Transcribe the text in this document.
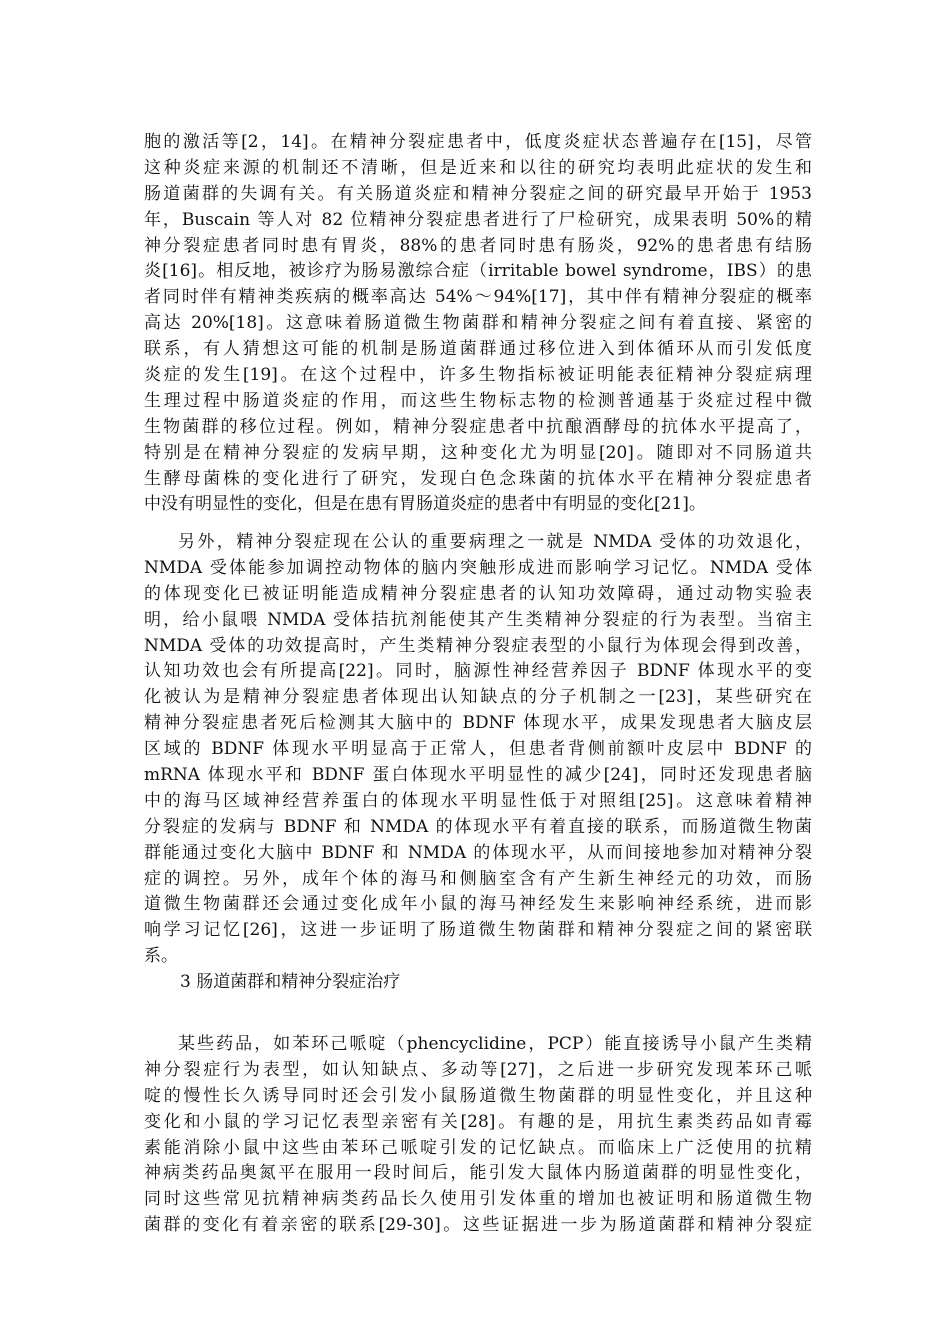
胞的激活等[2，14]。在精神分裂症患者中，低度炎症状态普遍存在[15]，尽管
这种炎症来源的机制还不清晰，但是近来和以往的研究均表明此症状的发生和
肠道菌群的失调有关。有关肠道炎症和精神分裂症之间的研究最早开始于 1953
年，Buscain 等人对 82 位精神分裂症患者进行了尸检研究，成果表明 50%的精
神分裂症患者同时患有胃炎，88%的患者同时患有肠炎，92%的患者患有结肠
炎[16]。相反地，被诊疗为肠易激综合症（irritable bowel syndrome，IBS）的患
者同时伴有精神类疾病的概率高达 54%～94%[17]，其中伴有精神分裂症的概率
高达 20%[18]。这意味着肠道微生物菌群和精神分裂症之间有着直接、紧密的
联系，有人猜想这可能的机制是肠道菌群通过移位进入到体循环从而引发低度
炎症的发生[19]。在这个过程中，许多生物指标被证明能表征精神分裂症病理
生理过程中肠道炎症的作用，而这些生物标志物的检测普通基于炎症过程中微
生物菌群的移位过程。例如，精神分裂症患者中抗酿酒酵母的抗体水平提高了，
特别是在精神分裂症的发病早期，这种变化尤为明显[20]。随即对不同肠道共
生酵母菌株的变化进行了研究，发现白色念珠菌的抗体水平在精神分裂症患者
中没有明显性的变化，但是在患有胃肠道炎症的患者中有明显的变化[21]。
另外，精神分裂症现在公认的重要病理之一就是 NMDA 受体的功效退化，
NMDA 受体能参加调控动物体的脑内突触形成进而影响学习记忆。NMDA 受体
的体现变化已被证明能造成精神分裂症患者的认知功效障碍，通过动物实验表
明，给小鼠喂 NMDA 受体拮抗剂能使其产生类精神分裂症的行为表型。当宿主
NMDA 受体的功效提高时，产生类精神分裂症表型的小鼠行为体现会得到改善，
认知功效也会有所提高[22]。同时，脑源性神经营养因子 BDNF 体现水平的变
化被认为是精神分裂症患者体现出认知缺点的分子机制之一[23]，某些研究在
精神分裂症患者死后检测其大脑中的 BDNF 体现水平，成果发现患者大脑皮层
区域的 BDNF 体现水平明显高于正常人，但患者背侧前额叶皮层中 BDNF 的
mRNA 体现水平和 BDNF 蛋白体现水平明显性的减少[24]，同时还发现患者脑
中的海马区域神经营养蛋白的体现水平明显性低于对照组[25]。这意味着精神
分裂症的发病与 BDNF 和 NMDA 的体现水平有着直接的联系，而肠道微生物菌
群能通过变化大脑中 BDNF 和 NMDA 的体现水平，从而间接地参加对精神分裂
症的调控。另外，成年个体的海马和侧脑室含有产生新生神经元的功效，而肠
道微生物菌群还会通过变化成年小鼠的海马神经发生来影响神经系统，进而影
响学习记忆[26]，这进一步证明了肠道微生物菌群和精神分裂症之间的紧密联
系。
3 肠道菌群和精神分裂症治疗
某些药品，如苯环己哌啶（phencyclidine，PCP）能直接诱导小鼠产生类精
神分裂症行为表型，如认知缺点、多动等[27]，之后进一步研究发现苯环己哌
啶的慢性长久诱导同时还会引发小鼠肠道微生物菌群的明显性变化，并且这种
变化和小鼠的学习记忆表型亲密有关[28]。有趣的是，用抗生素类药品如青霉
素能消除小鼠中这些由苯环己哌啶引发的记忆缺点。而临床上广泛使用的抗精
神病类药品奥氮平在服用一段时间后，能引发大鼠体内肠道菌群的明显性变化，
同时这些常见抗精神病类药品长久使用引发体重的增加也被证明和肠道微生物
菌群的变化有着亲密的联系[29-30]。这些证据进一步为肠道菌群和精神分裂症
